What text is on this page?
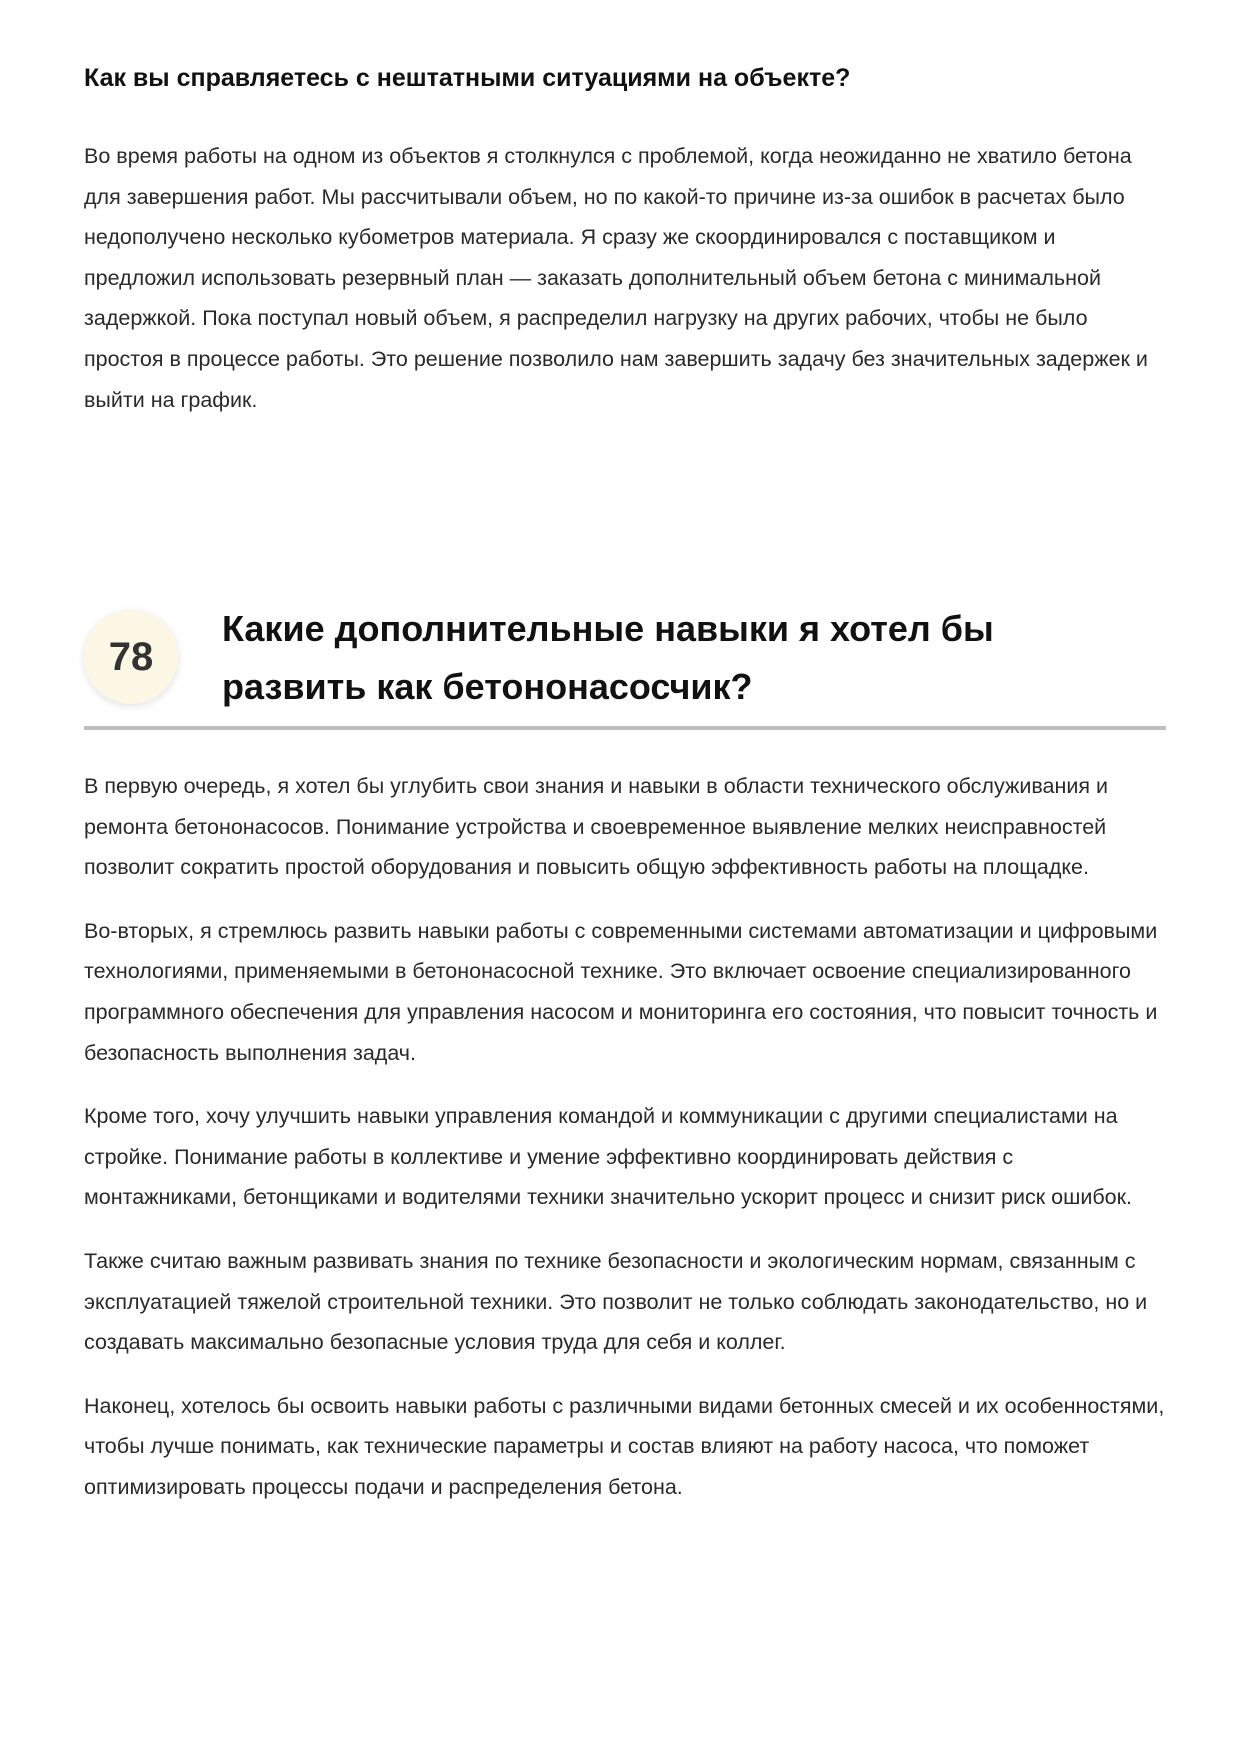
Как вы справляетесь с нештатными ситуациями на объекте?

Во время работы на одном из объектов я столкнулся с проблемой, когда неожиданно не хватило бетона для завершения работ. Мы рассчитывали объем, но по какой-то причине из-за ошибок в расчетах было недополучено несколько кубометров материала. Я сразу же скоординировался с поставщиком и предложил использовать резервный план — заказать дополнительный объем бетона с минимальной задержкой. Пока поступал новый объем, я распределил нагрузку на других рабочих, чтобы не было простоя в процессе работы. Это решение позволило нам завершить задачу без значительных задержек и выйти на график.

78
Какие дополнительные навыки я хотел бы развить как бетононасосчик?

В первую очередь, я хотел бы углубить свои знания и навыки в области технического обслуживания и ремонта бетононасосов. Понимание устройства и своевременное выявление мелких неисправностей позволит сократить простой оборудования и повысить общую эффективность работы на площадке.

Во-вторых, я стремлюсь развить навыки работы с современными системами автоматизации и цифровыми технологиями, применяемыми в бетононасосной технике. Это включает освоение специализированного программного обеспечения для управления насосом и мониторинга его состояния, что повысит точность и безопасность выполнения задач.

Кроме того, хочу улучшить навыки управления командой и коммуникации с другими специалистами на стройке. Понимание работы в коллективе и умение эффективно координировать действия с монтажниками, бетонщиками и водителями техники значительно ускорит процесс и снизит риск ошибок.

Также считаю важным развивать знания по технике безопасности и экологическим нормам, связанным с эксплуатацией тяжелой строительной техники. Это позволит не только соблюдать законодательство, но и создавать максимально безопасные условия труда для себя и коллег.

Наконец, хотелось бы освоить навыки работы с различными видами бетонных смесей и их особенностями, чтобы лучше понимать, как технические параметры и состав влияют на работу насоса, что поможет оптимизировать процессы подачи и распределения бетона.
